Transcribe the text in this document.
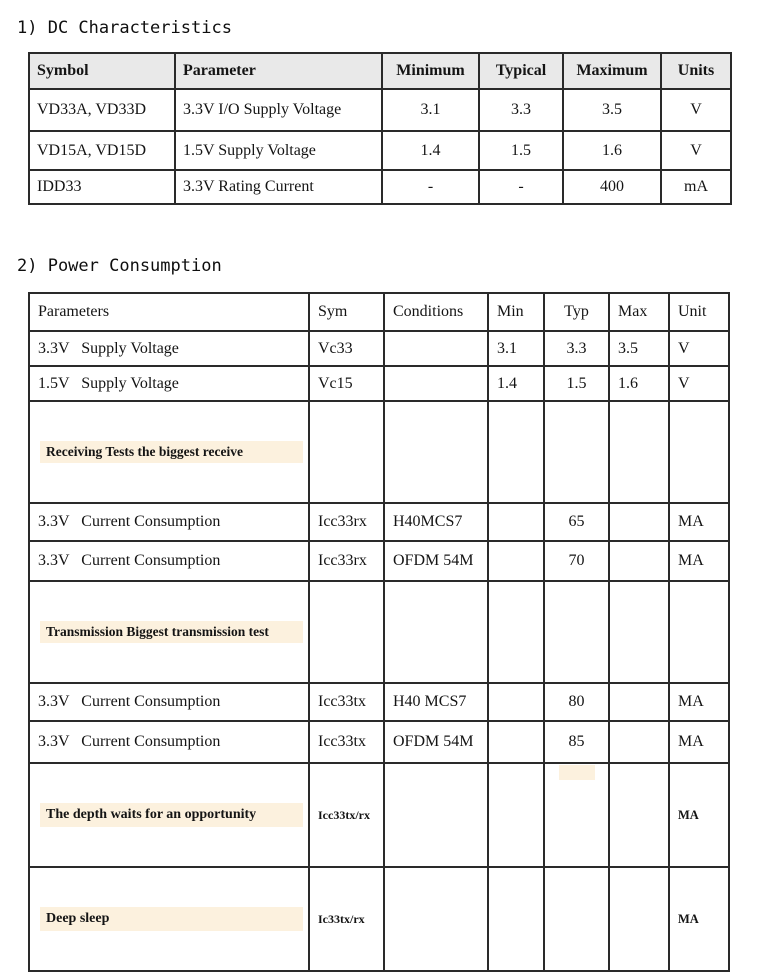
1) DC Characteristics
Symbol	Parameter	Minimum	Typical	Maximum	Units
VD33A, VD33D	3.3V I/O Supply Voltage	3.1	3.3	3.5	V
VD15A, VD15D	1.5V Supply Voltage	1.4	1.5	1.6	V
IDD33	3.3V Rating Current	-	-	400	mA
2) Power Consumption
Parameters	Sym	Conditions	Min	Typ	Max	Unit
3.3V   Supply Voltage	Vc33		3.1	3.3	3.5	V
1.5V   Supply Voltage	Vc15		1.4	1.5	1.6	V

Receiving Tests the biggest receive						

3.3V   Current Consumption	Icc33rx	H40MCS7		65		MA
3.3V   Current Consumption	Icc33rx	OFDM 54M		70		MA

Transmission Biggest transmission test						

3.3V   Current Consumption	Icc33tx	H40 MCS7		80		MA
3.3V   Current Consumption	Icc33tx	OFDM 54M		85		MA

The depth waits for an opportunity	Icc33tx/rx					MA

Deep sleep	Ic33tx/rx					MA
